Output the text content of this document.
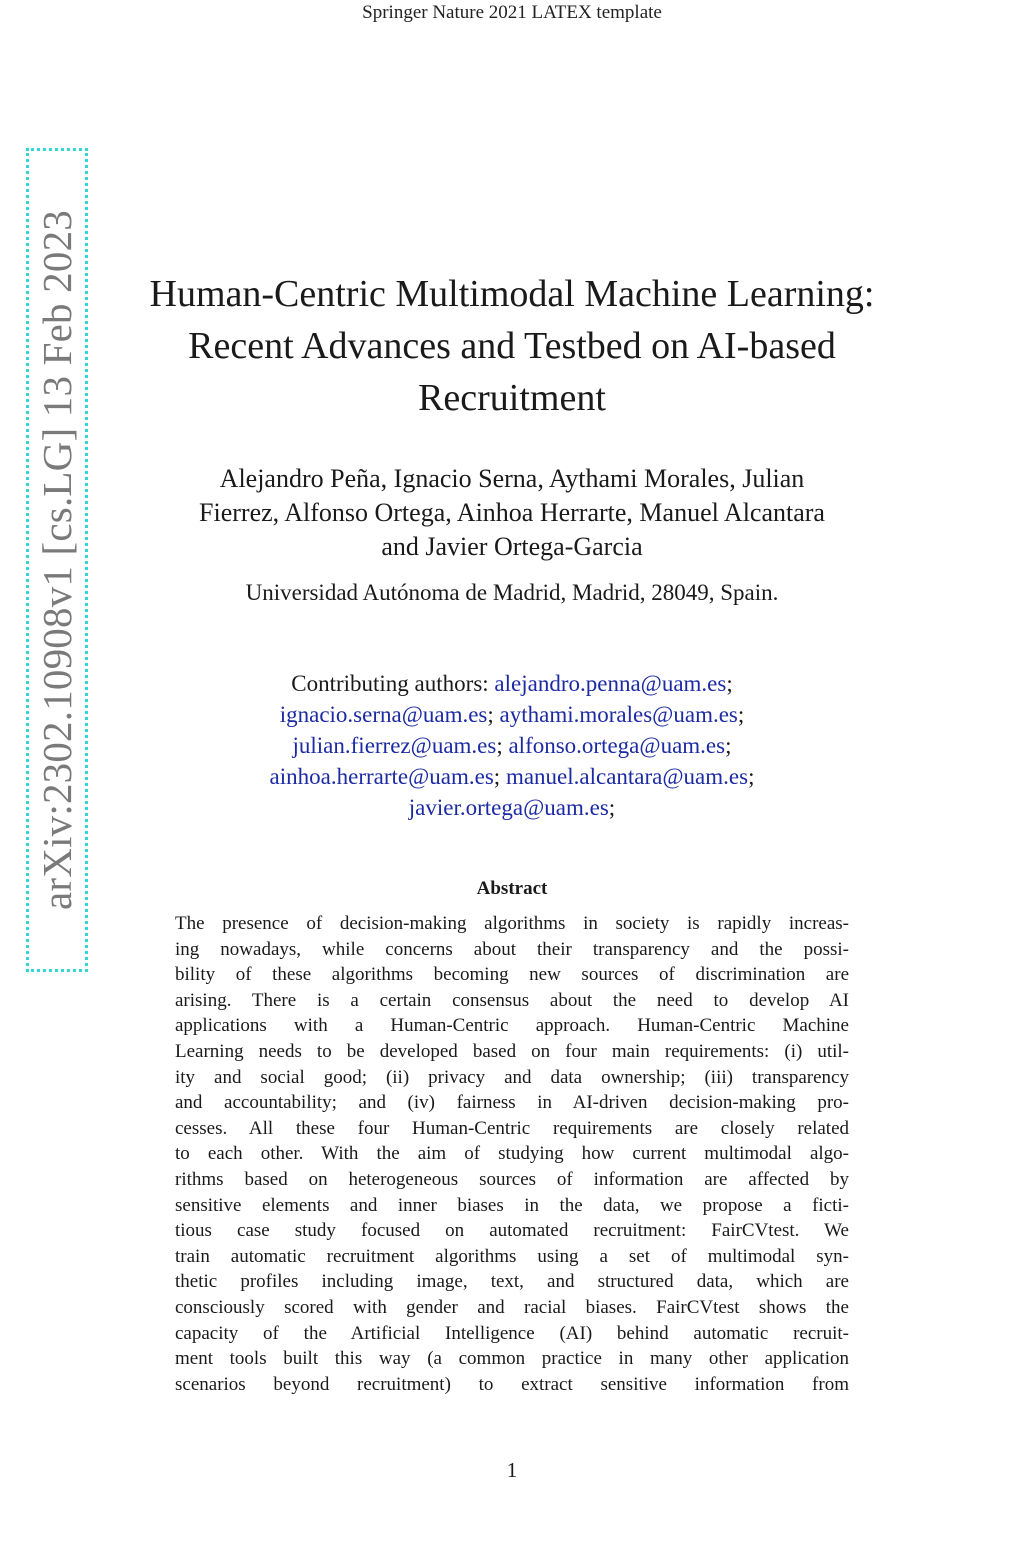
Springer Nature 2021 LATEX template
arXiv:2302.10908v1 [cs.LG] 13 Feb 2023 Human-Centric Multimodal Machine Learning: Recent Advances and Testbed on AI-based Recruitment
Alejandro Peña, Ignacio Serna, Aythami Morales, Julian
Fierrez, Alfonso Ortega, Ainhoa Herrarte, Manuel Alcantara
and Javier Ortega-Garcia
Universidad Autónoma de Madrid, Madrid, 28049, Spain.
Contributing authors: alejandro.penna@uam.es;
ignacio.serna@uam.es; aythami.morales@uam.es;
julian.fierrez@uam.es; alfonso.ortega@uam.es;
ainhoa.herrarte@uam.es; manuel.alcantara@uam.es;
javier.ortega@uam.es;
Abstract
The presence of decision-making algorithms in society is rapidly increas-
ing nowadays, while concerns about their transparency and the possi-
bility of these algorithms becoming new sources of discrimination are
arising. There is a certain consensus about the need to develop AI
applications with a Human-Centric approach. Human-Centric Machine
Learning needs to be developed based on four main requirements: (i) util-
ity and social good; (ii) privacy and data ownership; (iii) transparency
and accountability; and (iv) fairness in AI-driven decision-making pro-
cesses. All these four Human-Centric requirements are closely related
to each other. With the aim of studying how current multimodal algo-
rithms based on heterogeneous sources of information are affected by
sensitive elements and inner biases in the data, we propose a ficti-
tious case study focused on automated recruitment: FairCVtest. We
train automatic recruitment algorithms using a set of multimodal syn-
thetic profiles including image, text, and structured data, which are
consciously scored with gender and racial biases. FairCVtest shows the
capacity of the Artificial Intelligence (AI) behind automatic recruit-
ment tools built this way (a common practice in many other application
scenarios beyond recruitment) to extract sensitive information from
1
